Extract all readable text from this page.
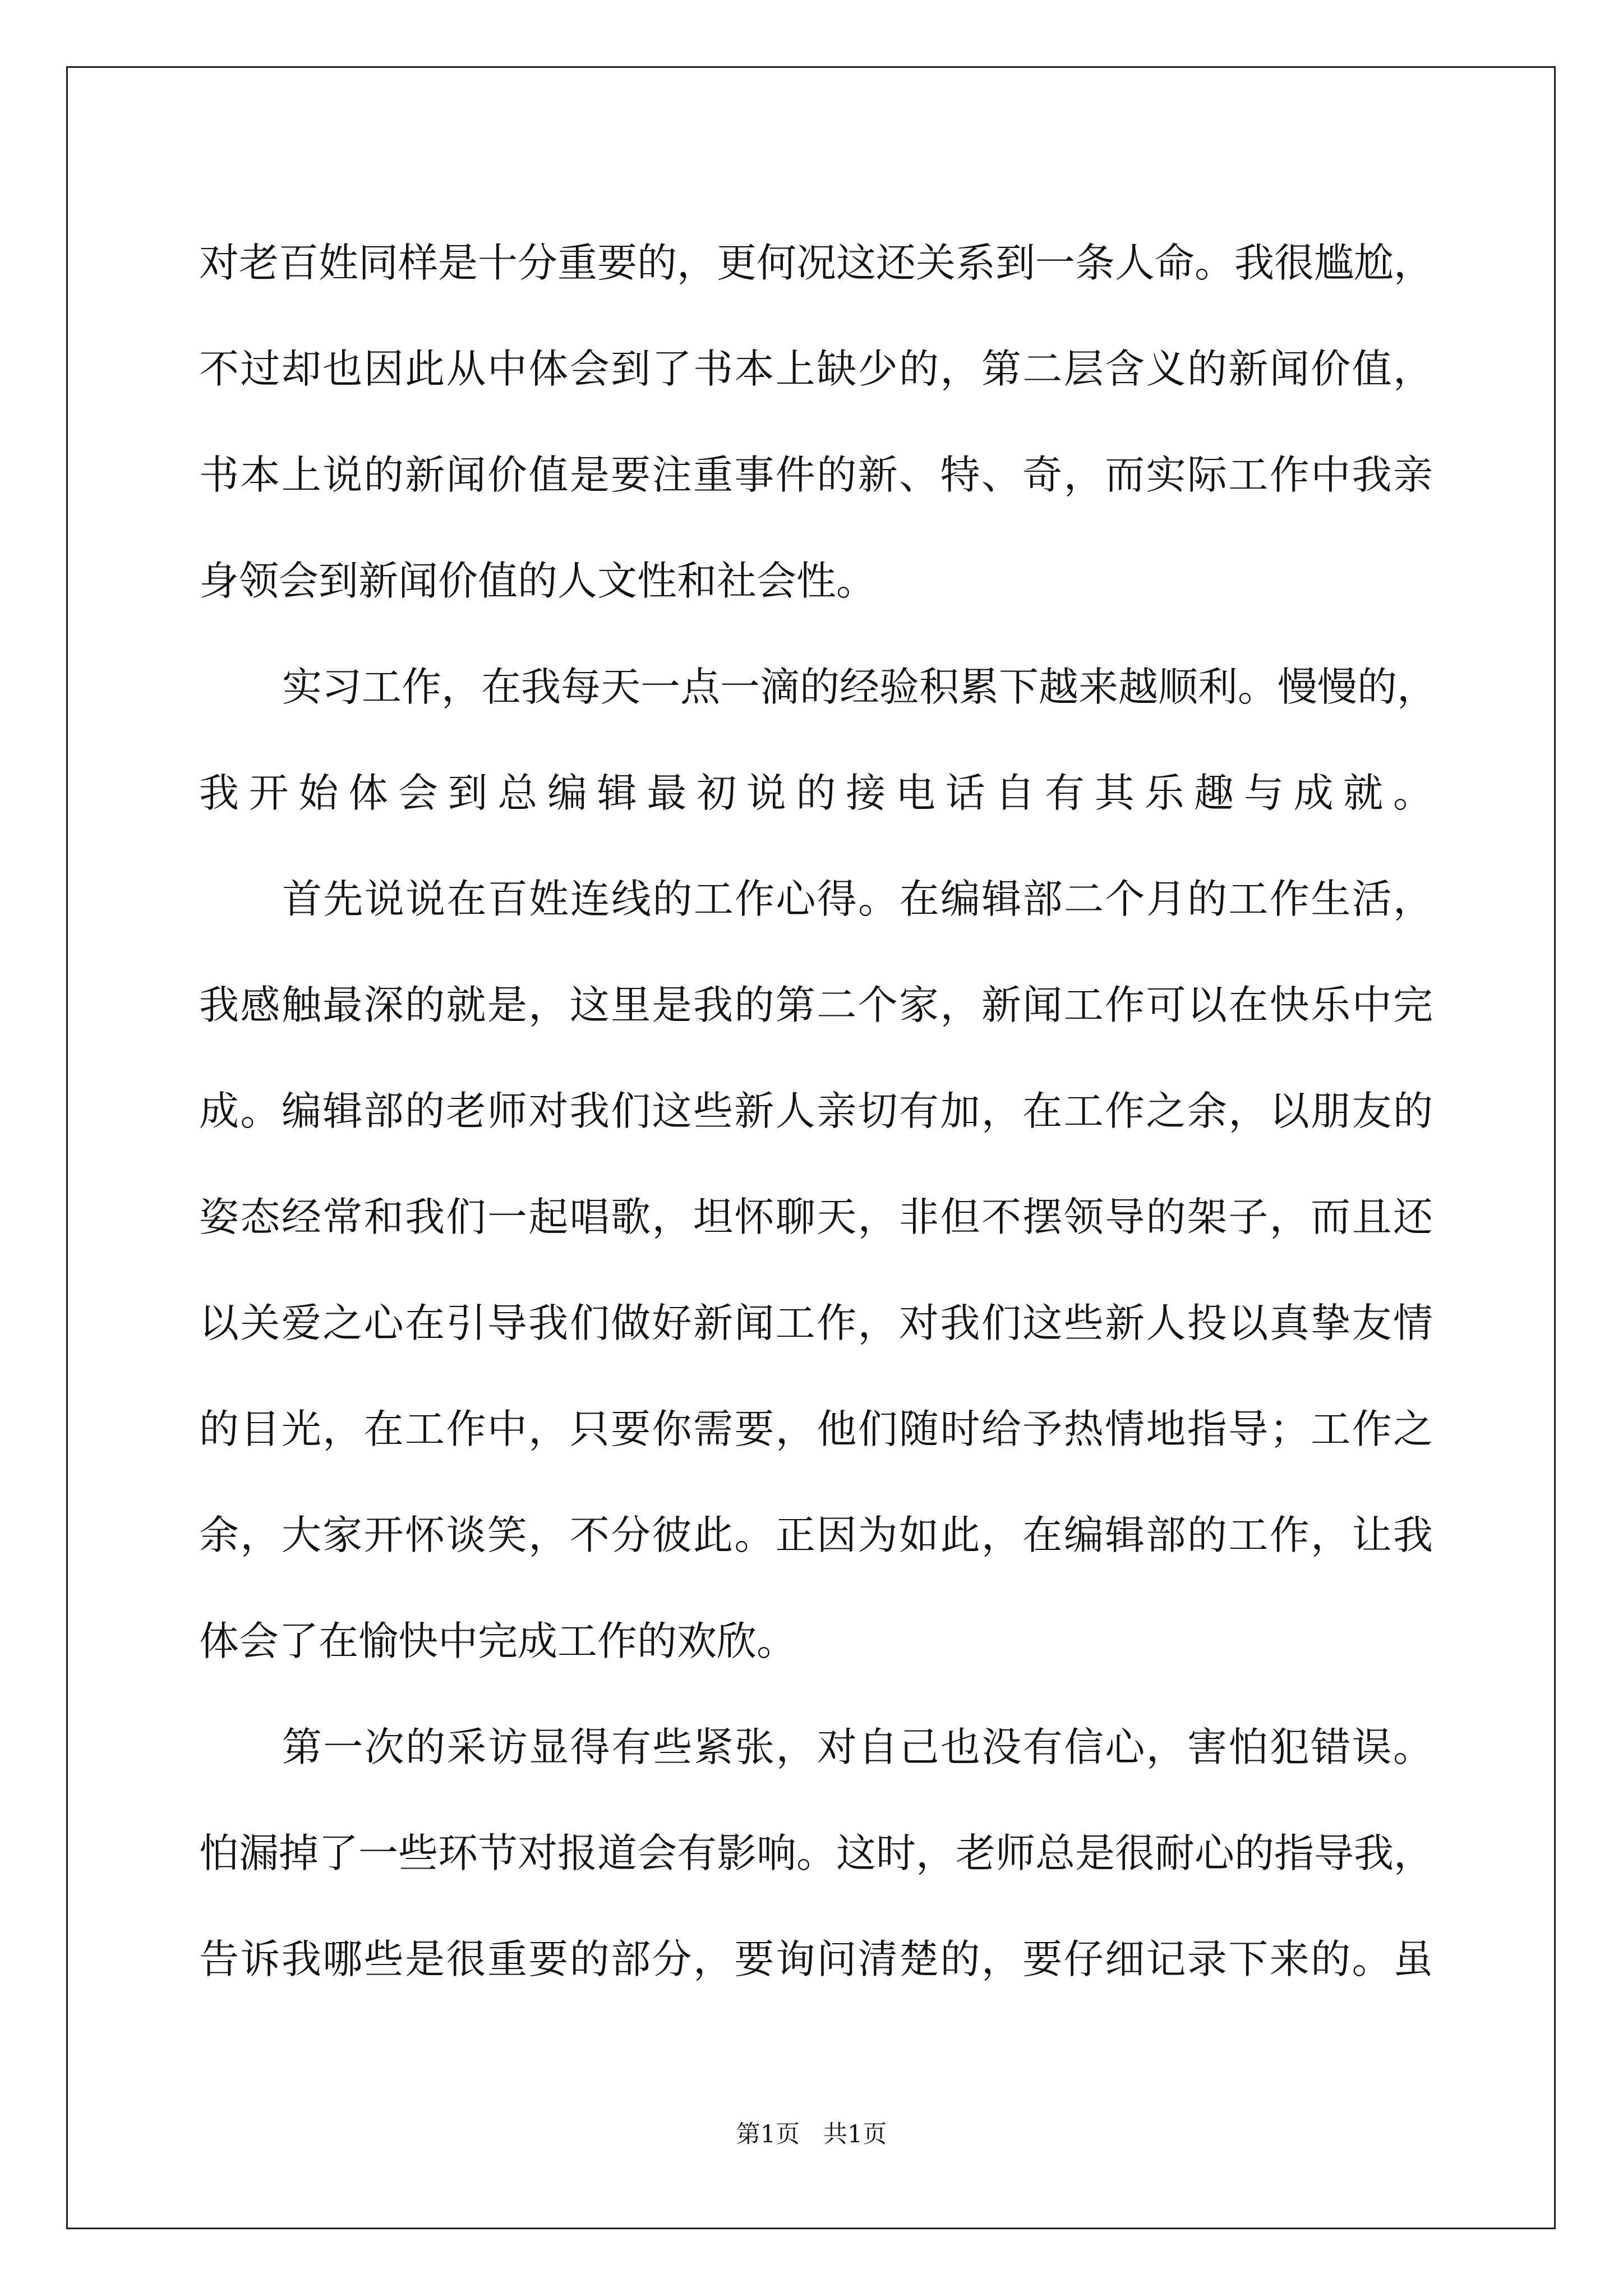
对老百姓同样是十分重要的，更何况这还关系到一条人命。我很尴尬，
不过却也因此从中体会到了书本上缺少的，第二层含义的新闻价值，
书本上说的新闻价值是要注重事件的新、特、奇，而实际工作中我亲
身领会到新闻价值的人文性和社会性。
实习工作，在我每天一点一滴的经验积累下越来越顺利。慢慢的，
我开始体会到总编辑最初说的接电话自有其乐趣与成就。
首先说说在百姓连线的工作心得。在编辑部二个月的工作生活，
我感触最深的就是，这里是我的第二个家，新闻工作可以在快乐中完
成。编辑部的老师对我们这些新人亲切有加，在工作之余，以朋友的
姿态经常和我们一起唱歌，坦怀聊天，非但不摆领导的架子，而且还
以关爱之心在引导我们做好新闻工作，对我们这些新人投以真挚友情
的目光，在工作中，只要你需要，他们随时给予热情地指导；工作之
余，大家开怀谈笑，不分彼此。正因为如此，在编辑部的工作，让我
体会了在愉快中完成工作的欢欣。
第一次的采访显得有些紧张，对自己也没有信心，害怕犯错误。
怕漏掉了一些环节对报道会有影响。这时，老师总是很耐心的指导我，
告诉我哪些是很重要的部分，要询问清楚的，要仔细记录下来的。虽
第1页 共1页
